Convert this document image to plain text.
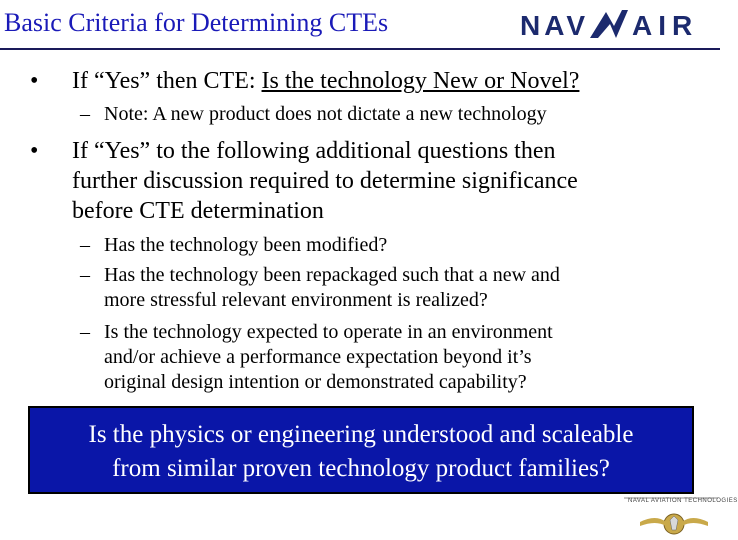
Basic Criteria for Determining CTEs	NAV AIR
• If “Yes” then CTE: Is the technology New or Novel?
– Note: A new product does not dictate a new technology
• If “Yes” to the following additional questions then
further discussion required to determine significance
before CTE determination
– Has the technology been modified?
– Has the technology been repackaged such that a new and
more stressful relevant environment is realized?
– Is the technology expected to operate in an environment
and/or achieve a performance expectation beyond it’s
original design intention or demonstrated capability?
Is the physics or engineering understood and scaleable
from similar proven technology product families?
NAVAL AVIATION TECHNOLOGIES
